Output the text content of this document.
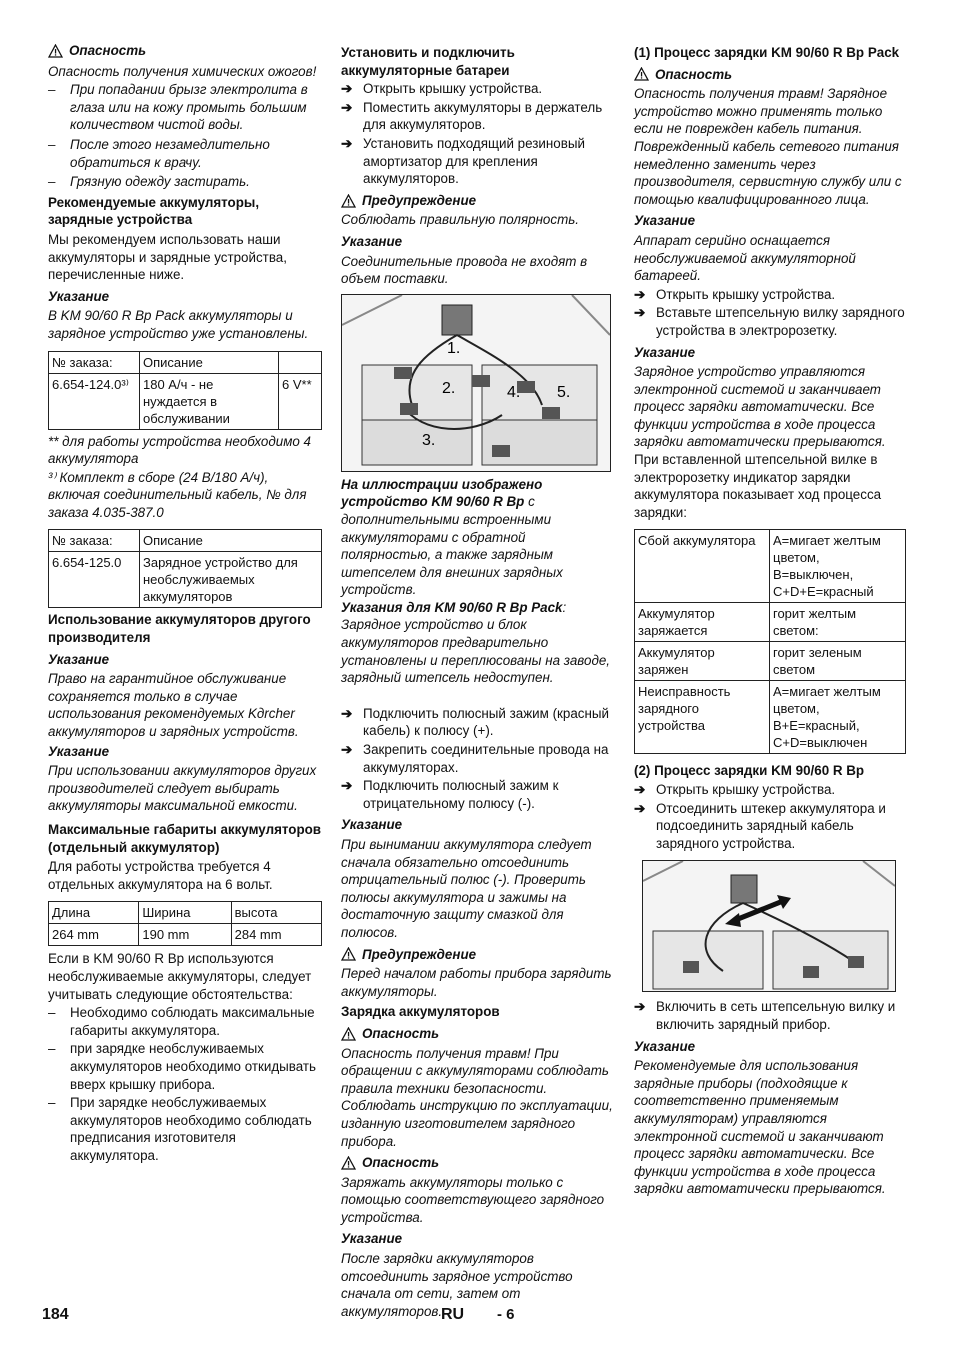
Опасность

Опасность получения химических ожогов!

–	При попадании брызг электролита в глаза или на кожу промыть большим количеством чистой воды.
–	После этого незамедлительно обратиться к врачу.
–	Грязную одежду застирать.
Рекомендуемые аккумуляторы, зарядные устройства

Мы рекомендуем использовать наши аккумуляторы и зарядные устройства, перечисленные ниже.

Указание

В KM 90/60 R Bp Pack аккумуляторы и зарядное устройство уже установлены.

№ заказа:	Описание	
6.654-124.0³⁾	180 А/ч - не нуждается в обслуживании	6 V**

** для работы устройства необходимо 4 аккумулятора

³⁾ Комплект в сборе (24 В/180 А/ч), включая соединительный кабель, № для заказа 4.035-387.0

№ заказа:	Описание
6.654-125.0	Зарядное устройство для необслуживаемых аккумуляторов
Использование аккумуляторов другого производителя
Указание

Право на гарантийное обслуживание сохраняется только в случае использования рекомендуемых Kдrcher аккумуляторов и зарядных устройств.

Указание

При использовании аккумуляторов других производителей следует выбирать аккумуляторы максимальной емкости.

Максимальные габариты аккумуляторов (отдельный аккумулятор)

Для работы устройства требуется 4 отдельных аккумулятора на 6 вольт.

Длина	Ширина	высота
264 mm	190 mm	284 mm

Если в KM 90/60 R Bp используются необслуживаемые аккумуляторы, следует учитывать следующие обстоятельства:

–	Необходимо соблюдать максимальные габариты аккумулятора.
–	при зарядке необслуживаемых аккумуляторов необходимо откидывать вверх крышку прибора.
–	При зарядке необслуживаемых аккумуляторов необходимо соблюдать предписания изготовителя аккумулятора.
Установить и подключить аккумуляторные батареи
➔ Открыть крышку устройства.
➔ Поместить аккумуляторы в держатель для аккумуляторов.
➔ Установить подходящий резиновый амортизатор для крепления аккумуляторов.
Предупреждение

Соблюдать правильную полярность.

Указание

Соединительные провода не входят в объем поставки.

1.
2.
3.
4. 5.

На иллюстрации изображено устройство KM 90/60 R Bp с дополнительными встроенными аккумуляторами с обратной полярностью, а также зарядным штепселем для внешних зарядных устройств.

Указания для KM 90/60 R Bp Pack: Зарядное устройство и блок аккумуляторов предварительно установлены и переплюсованы на заводе, зарядный штепсель недоступен.

➔ Подключить полюсный зажим (красный кабель) к полюсу (+).
➔ Закрепить соединительные провода на аккумуляторах.
➔ Подключить полюсный зажим к отрицательному полюсу (-).
Указание

При вынимании аккумулятора следует сначала обязательно отсоединить отрицательный полюс (-). Проверить полюсы аккумулятора и зажимы на достаточную защиту смазкой для полюсов.

Предупреждение

Перед началом работы прибора зарядить аккумуляторы.

Зарядка аккумуляторов
Опасность

Опасность получения травм! При обращении с аккумуляторами соблюдать правила техники безопасности. Соблюдать инструкцию по эксплуатации, изданную изготовителем зарядного прибора.

Опасность

Заряжать аккумуляторы только с помощью соответствующего зарядного устройства.

Указание

После зарядки аккумуляторов отсоединить зарядное устройство сначала от сети, затем от аккумуляторов.

(1) Процесс зарядки KM 90/60 R Bp Pack
Опасность

Опасность получения травм! Зарядное устройство можно применять только если не поврежден кабель питания. Поврежденный кабель сетевого питания немедленно заменить через производителя, сервистную службу или с помощью квалифицированного лица.

Указание

Аппарат серийно оснащается необслуживаемой аккумуляторной батареей.

➔ Открыть крышку устройства.
➔ Вставьте штепсельную вилку зарядного устройства в электророзетку.
Указание

Зарядное устройство управляются электронной системой и заканчивает процесс зарядки автоматически. Все функции устройства в ходе процесса зарядки автоматически прерываются.

При вставленной штепсельной вилке в электророзетку индикатор зарядки аккумулятора показывает ход процесса зарядки:

Сбой аккумулятора	A=мигает желтым цветом, B=выключен, C+D+E=красный
Аккумулятор заряжается	горит желтым светом:
Аккумулятор заряжен	горит зеленым светом
Неисправность зарядного устройства	A=мигает желтым цветом, B+E=красный, C+D=выключен
(2) Процесс зарядки KM 90/60 R Bp
➔ Открыть крышку устройства.
➔ Отсоединить штекер аккумулятора и подсоединить зарядный кабель зарядного устройства.
➔ Включить в сеть штепсельную вилку и включить зарядный прибор.
Указание

Рекомендуемые для использования зарядные приборы (подходящие к соответственно применяемым аккумуляторам) управляются электронной системой и заканчивают процесс зарядки автоматически. Все функции устройства в ходе процесса зарядки автоматически прерываются.

184	RU - 6
